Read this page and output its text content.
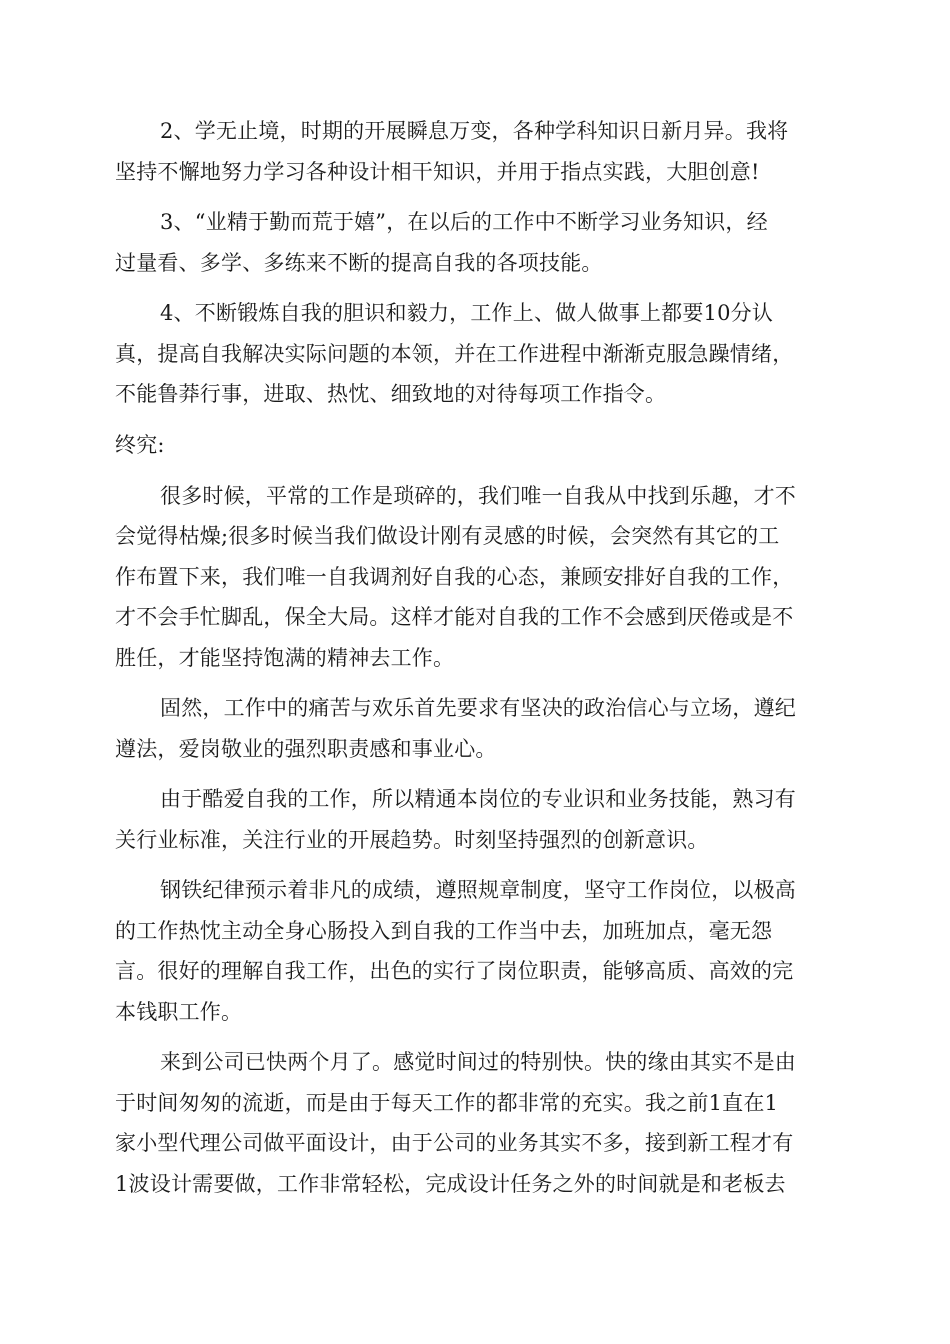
2、学无止境，时期的开展瞬息万变，各种学科知识日新月异。我将
坚持不懈地努力学习各种设计相干知识，并用于指点实践，大胆创意!
3、“业精于勤而荒于嬉”，在以后的工作中不断学习业务知识，经
过量看、多学、多练来不断的提高自我的各项技能。
4、不断锻炼自我的胆识和毅力，工作上、做人做事上都要10分认
真，提高自我解决实际问题的本领，并在工作进程中渐渐克服急躁情绪，
不能鲁莽行事，进取、热忱、细致地的对待每项工作指令。
终究:
很多时候，平常的工作是琐碎的，我们唯一自我从中找到乐趣，才不
会觉得枯燥;很多时候当我们做设计刚有灵感的时候，会突然有其它的工
作布置下来，我们唯一自我调剂好自我的心态，兼顾安排好自我的工作，
才不会手忙脚乱，保全大局。这样才能对自我的工作不会感到厌倦或是不
胜任，才能坚持饱满的精神去工作。
固然，工作中的痛苦与欢乐首先要求有坚决的政治信心与立场，遵纪
遵法，爱岗敬业的强烈职责感和事业心。
由于酷爱自我的工作，所以精通本岗位的专业识和业务技能，熟习有
关行业标准，关注行业的开展趋势。时刻坚持强烈的创新意识。
钢铁纪律预示着非凡的成绩，遵照规章制度，坚守工作岗位，以极高
的工作热忱主动全身心肠投入到自我的工作当中去，加班加点，毫无怨
言。很好的理解自我工作，出色的实行了岗位职责，能够高质、高效的完
本钱职工作。
来到公司已快两个月了。感觉时间过的特别快。快的缘由其实不是由
于时间匆匆的流逝，而是由于每天工作的都非常的充实。我之前1直在1
家小型代理公司做平面设计，由于公司的业务其实不多，接到新工程才有
1波设计需要做，工作非常轻松，完成设计任务之外的时间就是和老板去
